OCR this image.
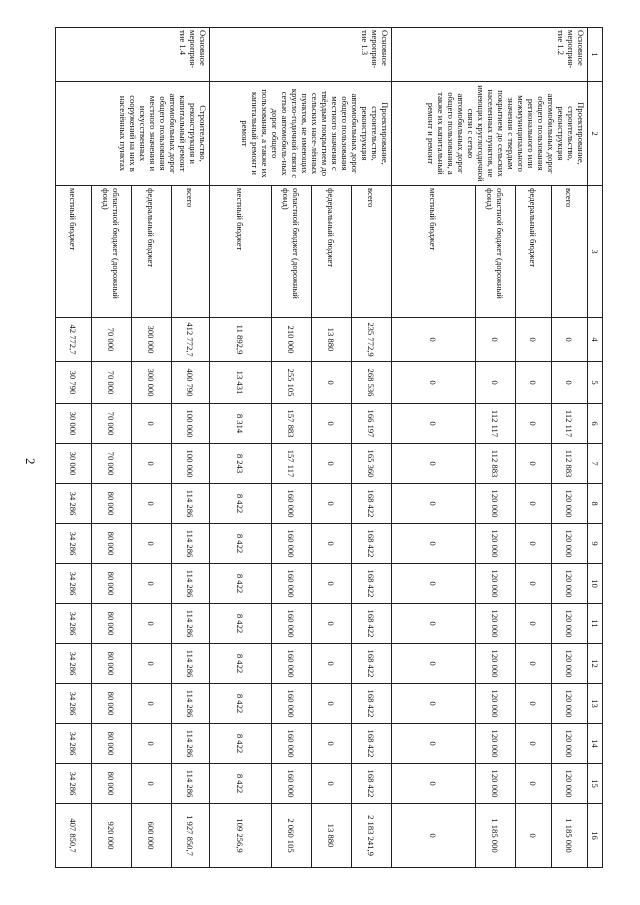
2
1	2	3	4	5	6	7	8	9	10	11	12	13	14	15	16
Основное мероприя-тие 1.2	Проектирование, строительство, реконструкция автомобильных дорог общего пользования регионального или межмуниципального значения с твердым покрытием до сельских населенных пунктов, не имеющих круглогодичной связи с сетью автомобильных дорог общего пользования, а также их капитальный ремонт и ремонт	всего	0	0	112 117	112 883	120 000	120 000	120 000	120 000	120 000	120 000	120 000	120 000	1 185 000
		федеральный бюджет	0	0	0	0	0	0	0	0	0	0	0	0	0
		областной бюджет (дорожный фонд)	0	0	112 117	112 883	120 000	120 000	120 000	120 000	120 000	120 000	120 000	120 000	1 185 000
		местный бюджет	0	0	0	0	0	0	0	0	0	0	0	0	0
Основное мероприя-тие 1.3	Проектирование, строительство, реконструкция автомобильных дорог общего пользования местного значения с твёрдым покрытием до сельских насе-лённых пунктов, не имеющих кругло-годичной связи с сетью автомобиль-ных дорог общего пользования, а также их капитальный ремонт и ремонт	всего	235 772,9	268 536	166 197	165 360	168 422	168 422	168 422	168 422	168 422	168 422	168 422	168 422	2 183 241,9
		федеральный бюджет	13 880	0	0	0	0	0	0	0	0	0	0	0	13 880
		областной бюджет (дорожный фонд)	210 000	255 105	157 883	157 117	160 000	160 000	160 000	160 000	160 000	160 000	160 000	160 000	2 060 105
		местный бюджет	11 892,9	13 431	8 314	8 243	8 422	8 422	8 422	8 422	8 422	8 422	8 422	8 422	109 256,9
Основное мероприя-тие 1.4	Строительство, реконструкция и капитальный ремонт автомобильных дорог общего пользования местного значения и искусственных сооружений на них в населённых пунктах	всего	412 772,7	400 790	100 000	100 000	114 286	114 286	114 286	114 286	114 286	114 286	114 286	114 286	1 927 850,7
		федеральный бюджет	300 000	300 000	0	0	0	0	0	0	0	0	0	0	600 000
		областной бюджет (дорожный фонд)	70 000	70 000	70 000	70 000	80 000	80 000	80 000	80 000	80 000	80 000	80 000	80 000	920 000
		местный бюджет	42 772,7	30 790	30 000	30 000	34 286	34 286	34 286	34 286	34 286	34 286	34 286	34 286	407 850,7
